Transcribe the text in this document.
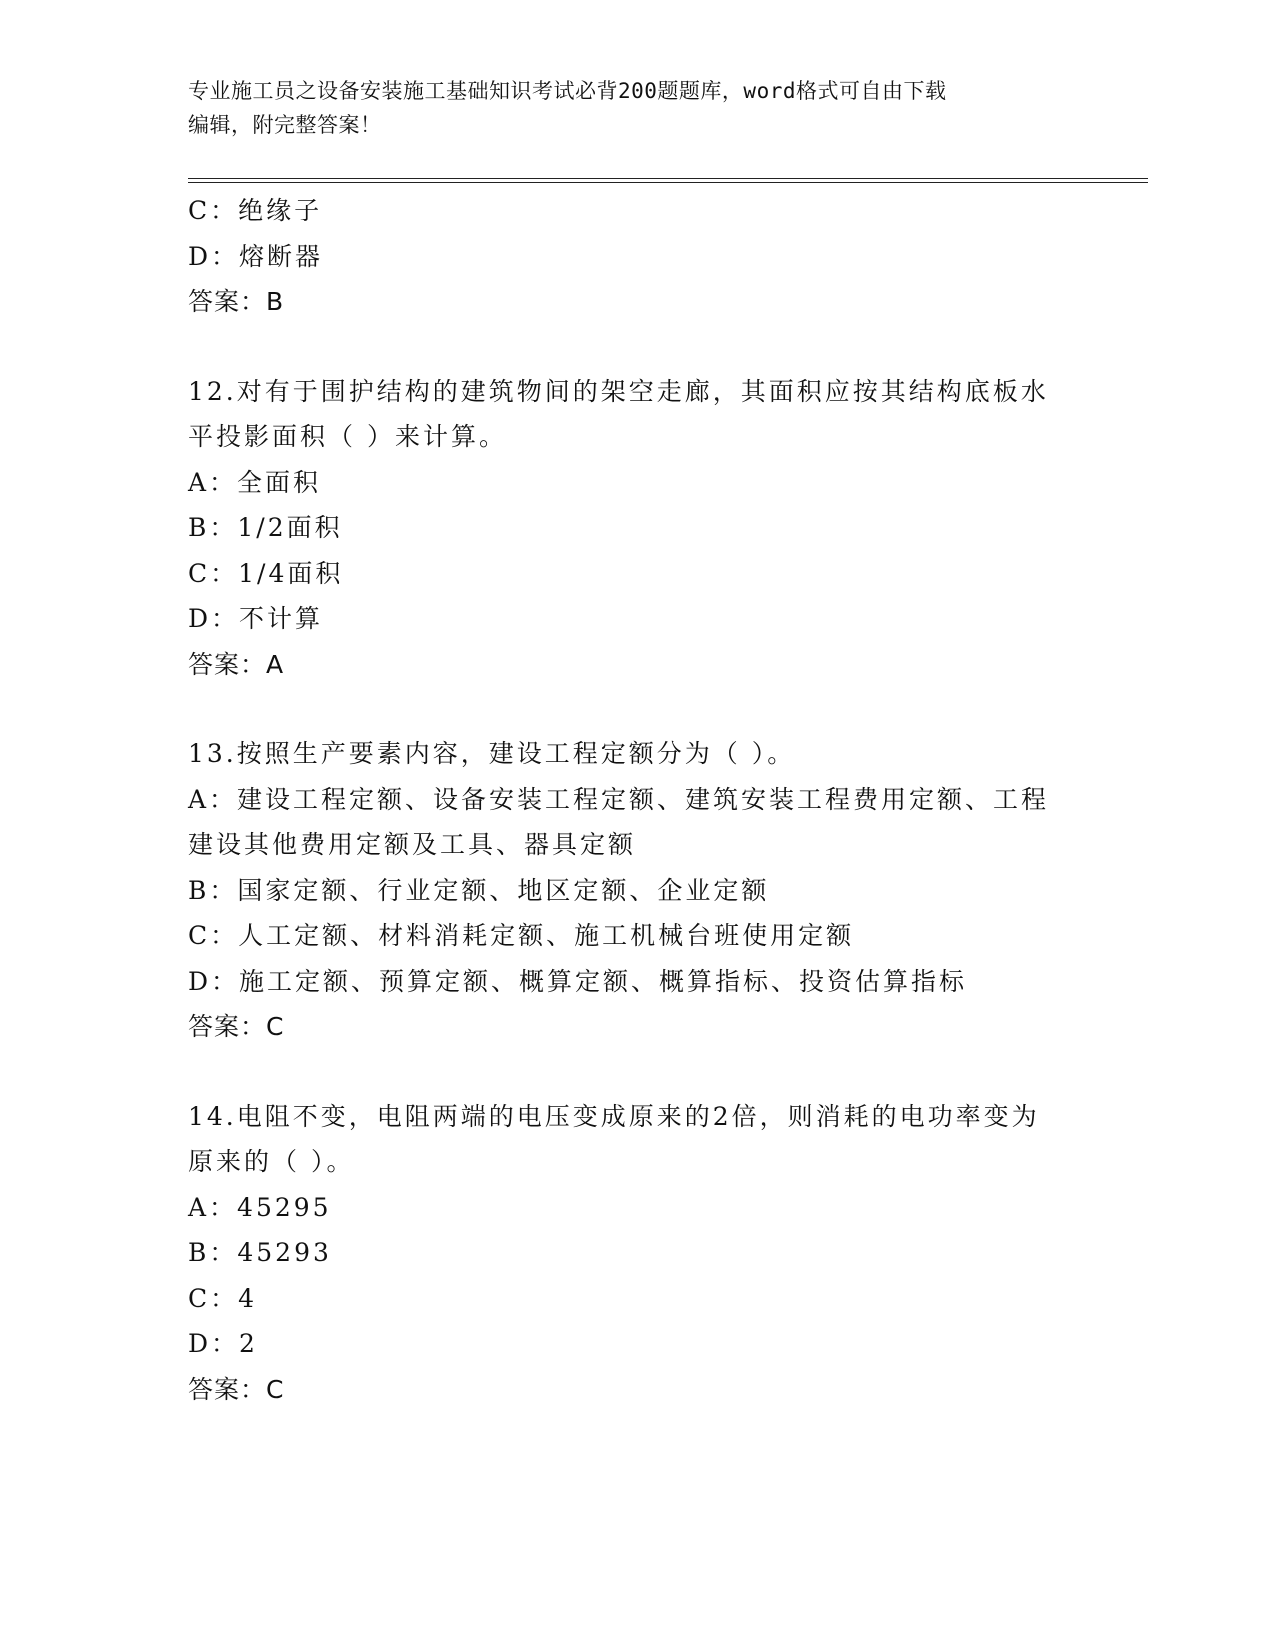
专业施工员之设备安装施工基础知识考试必背200题题库，word格式可自由下载
编辑，附完整答案！
C：绝缘子
D：熔断器
答案：B
12.对有于围护结构的建筑物间的架空走廊，其面积应按其结构底板水
平投影面积（ ）来计算。
A：全面积
B：1/2面积
C：1/4面积
D：不计算
答案：A
13.按照生产要素内容，建设工程定额分为（ ）。
A：建设工程定额、设备安装工程定额、建筑安装工程费用定额、工程
建设其他费用定额及工具、器具定额
B：国家定额、行业定额、地区定额、企业定额
C：人工定额、材料消耗定额、施工机械台班使用定额
D：施工定额、预算定额、概算定额、概算指标、投资估算指标
答案：C
14.电阻不变，电阻两端的电压变成原来的2倍，则消耗的电功率变为
原来的（ ）。
A：45295
B：45293
C：4
D：2
答案：C
